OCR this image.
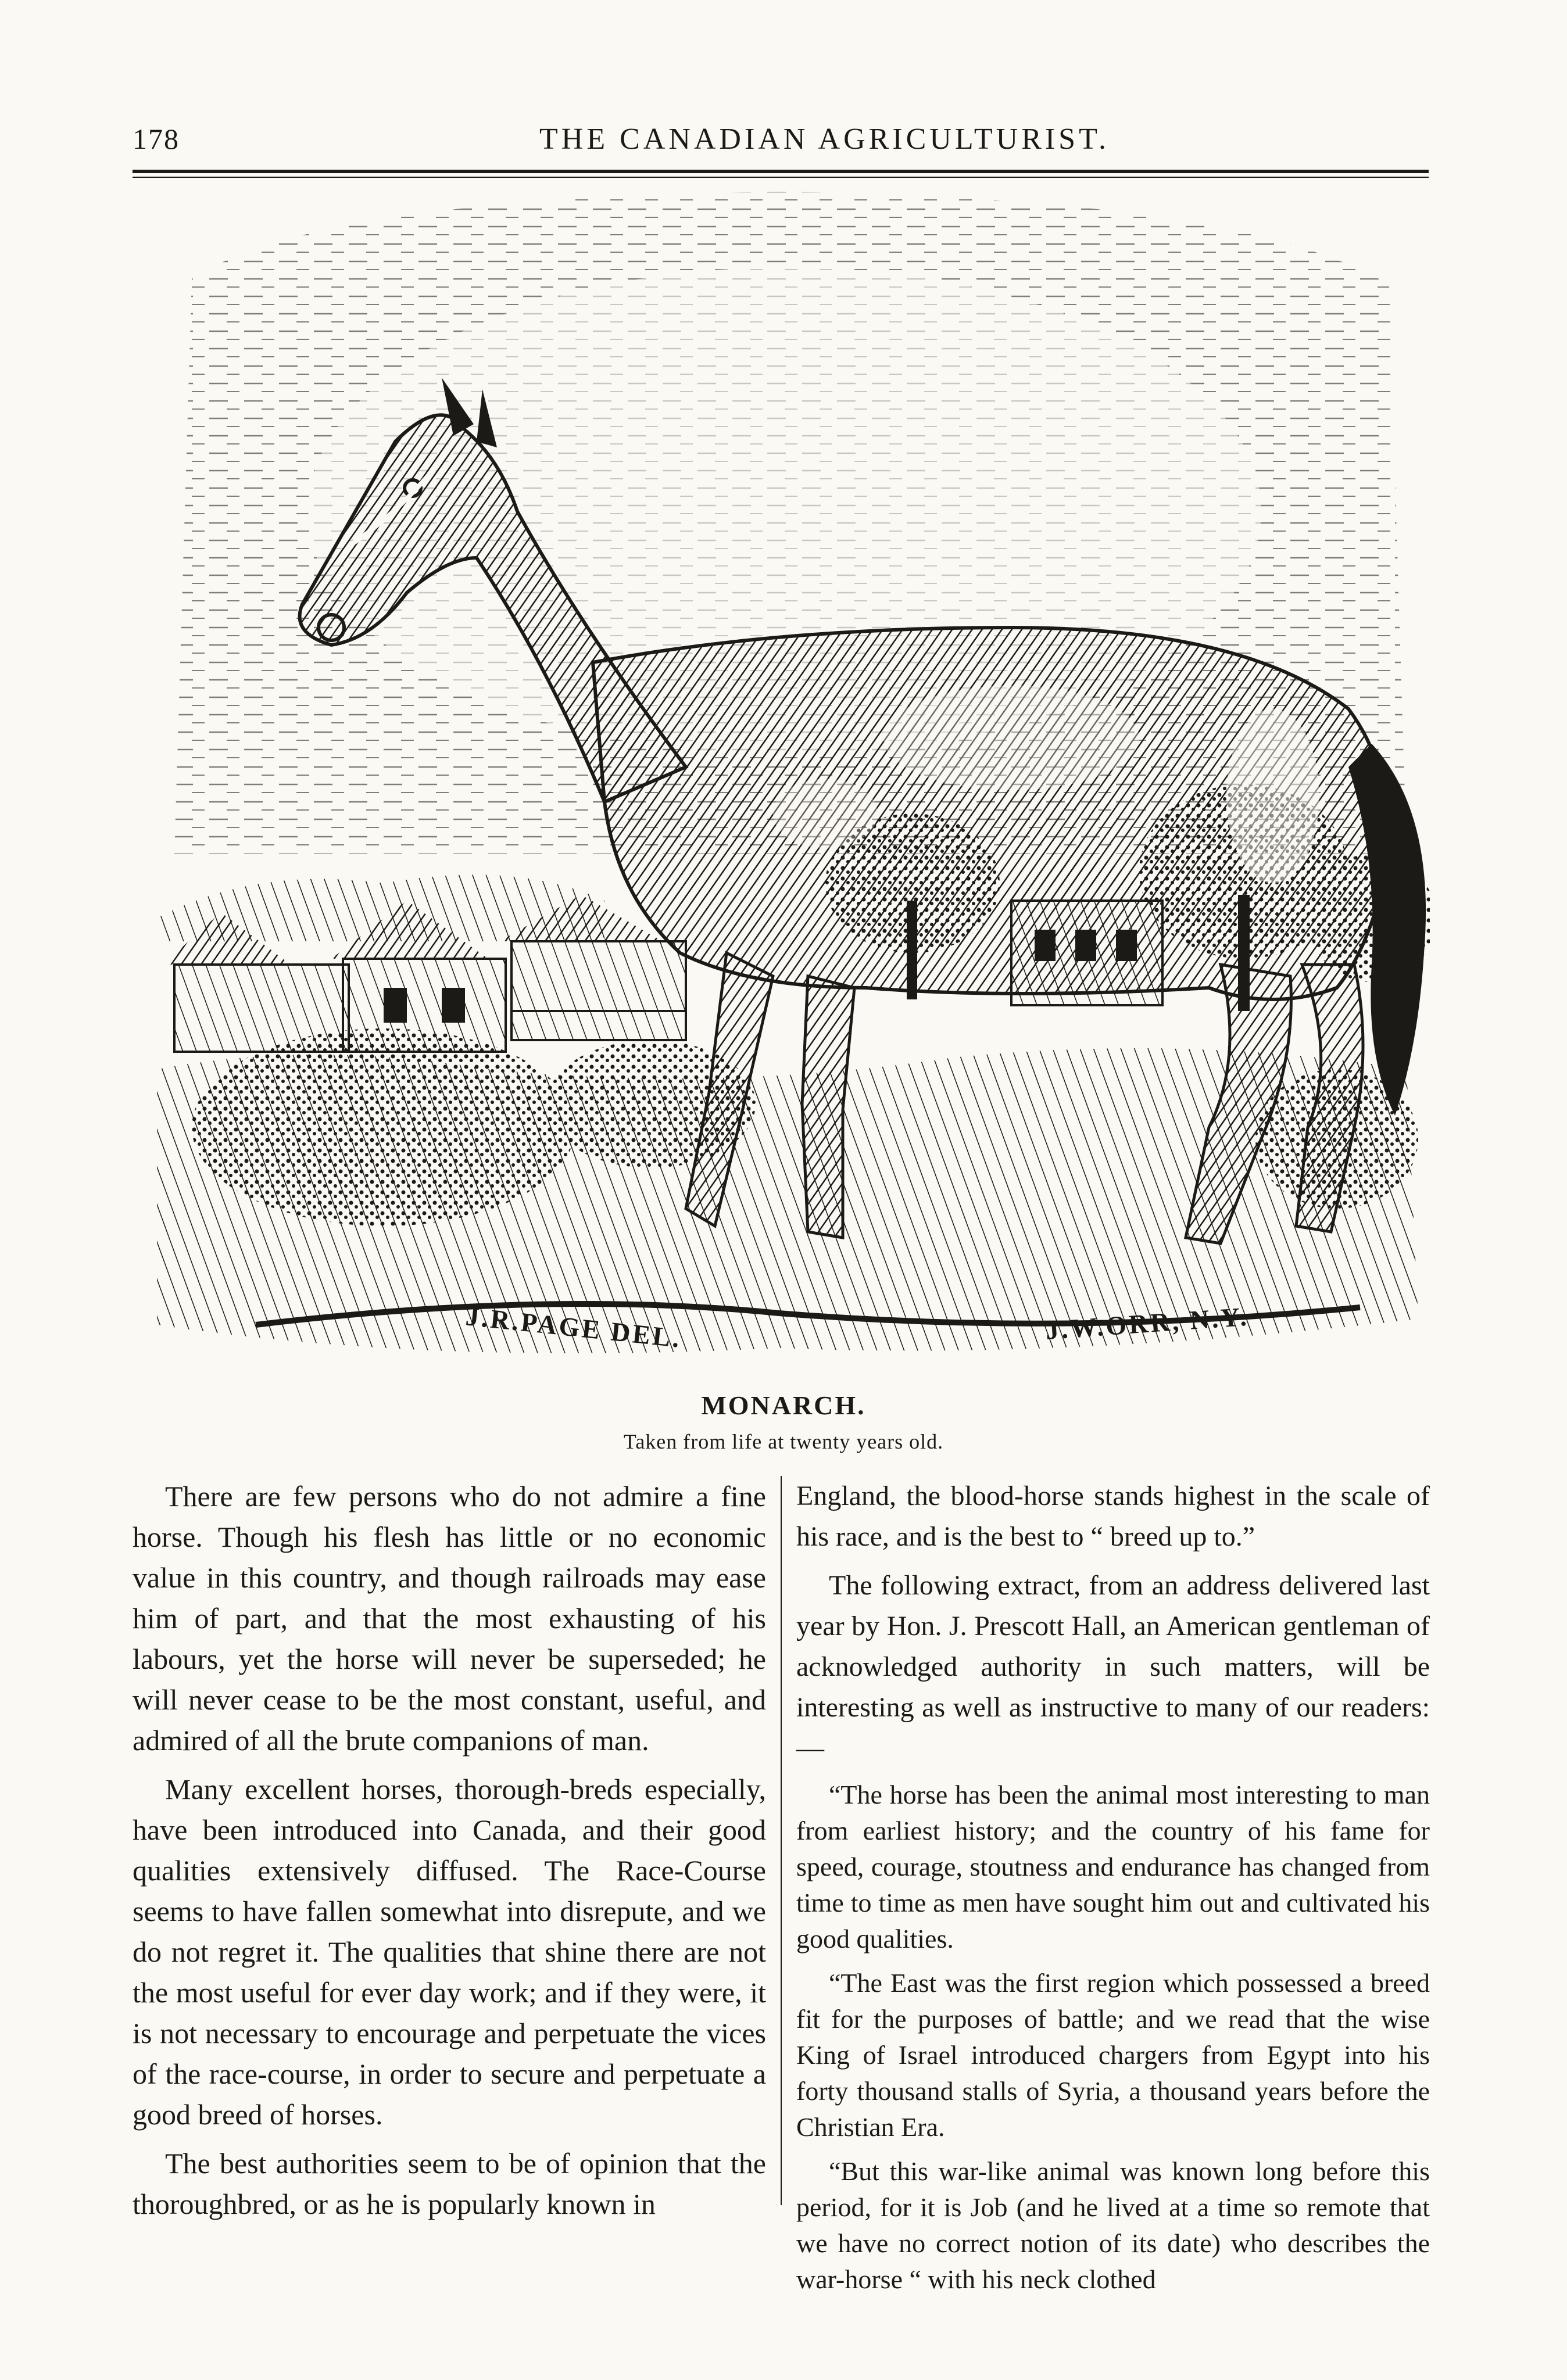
178	THE CANADIAN AGRICULTURIST.
J.R.PAGE DEL.	J.W.ORR, N.Y.
MONARCH.
Taken from life at twenty years old.

There are few persons who do not admire a fine horse. Though his flesh has little or no economic value in this country, and though railroads may ease him of part, and that the most exhausting of his labours, yet the horse will never be superseded; he will never cease to be the most constant, useful, and admired of all the brute companions of man.

Many excellent horses, thorough-breds especially, have been introduced into Canada, and their good qualities extensively diffused. The Race-Course seems to have fallen somewhat into disrepute, and we do not regret it. The qualities that shine there are not the most useful for ever day work; and if they were, it is not necessary to encourage and perpetuate the vices of the race-course, in order to secure and perpetuate a good breed of horses.

The best authorities seem to be of opinion that the thoroughbred, or as he is popularly known in

England, the blood-horse stands highest in the scale of his race, and is the best to “ breed up to.”

The following extract, from an address delivered last year by Hon. J. Prescott Hall, an American gentleman of acknowledged authority in such matters, will be interesting as well as instructive to many of our readers:—

“The horse has been the animal most interesting to man from earliest history; and the country of his fame for speed, courage, stoutness and endurance has changed from time to time as men have sought him out and cultivated his good qualities.

“The East was the first region which possessed a breed fit for the purposes of battle; and we read that the wise King of Israel introduced chargers from Egypt into his forty thousand stalls of Syria, a thousand years before the Christian Era.

“But this war-like animal was known long before this period, for it is Job (and he lived at a time so remote that we have no correct notion of its date) who describes the war-horse “ with his neck clothed
